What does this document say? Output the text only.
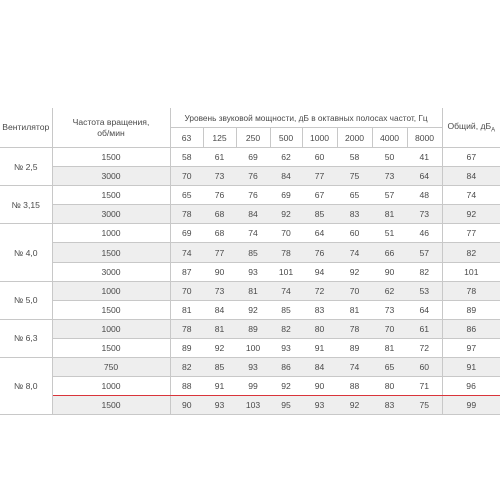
Вентилятор	Частота вращения, об/мин	Уровень звуковой мощности, дБ в октавных полосах частот, Гц								Общий, $дБ_A$
		63	125	250	500	1000	2000	4000	8000	
№ 2,5	1500	58	61	69	62	60	58	50	41	67
	3000	70	73	76	84	77	75	73	64	84
№ 3,15	1500	65	76	76	69	67	65	57	48	74
	3000	78	68	84	92	85	83	81	73	92
№ 4,0	1000	69	68	74	70	64	60	51	46	77
	1500	74	77	85	78	76	74	66	57	82
	3000	87	90	93	101	94	92	90	82	101
№ 5,0	1000	70	73	81	74	72	70	62	53	78
	1500	81	84	92	85	83	81	73	64	89
№ 6,3	1000	78	81	89	82	80	78	70	61	86
	1500	89	92	100	93	91	89	81	72	97
№ 8,0	750	82	85	93	86	84	74	65	60	91
	1000	88	91	99	92	90	88	80	71	96
	1500	90	93	103	95	93	92	83	75	99
